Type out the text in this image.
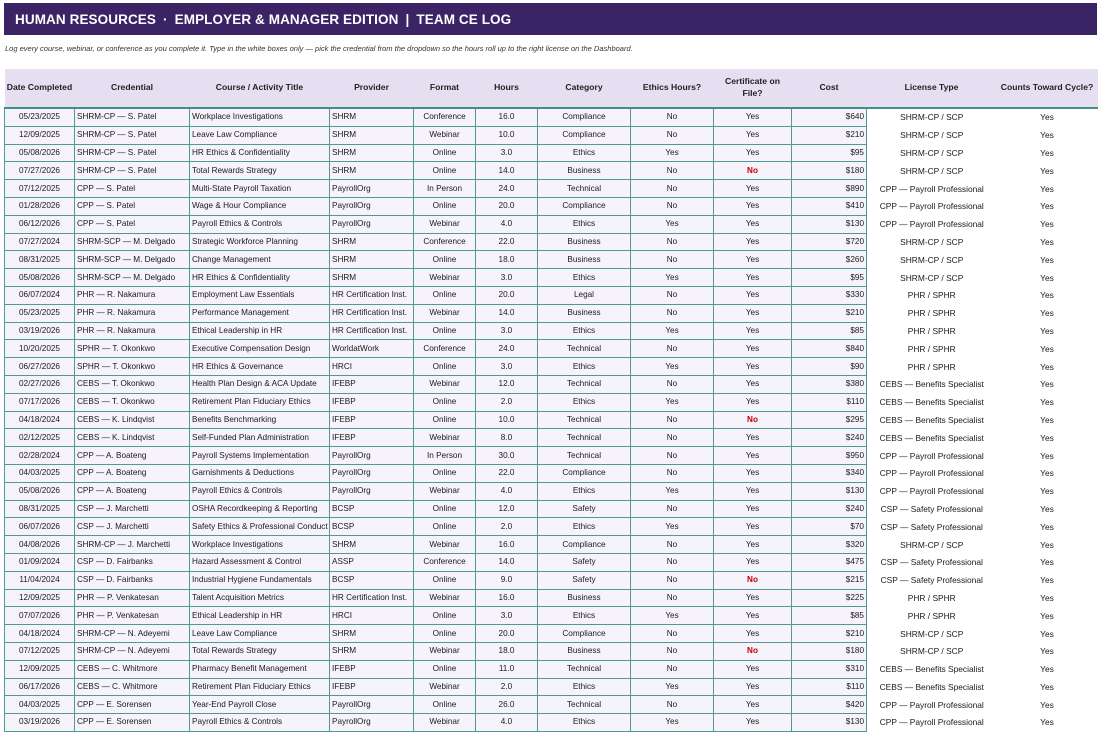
HUMAN RESOURCES · EMPLOYER & MANAGER EDITION | TEAM CE LOG
Log every course, webinar, or conference as you complete it. Type in the white boxes only — pick the credential from the dropdown so the hours roll up to the right license on the Dashboard.
Date Completed	Credential	Course / Activity Title	Provider	Format	Hours	Category	Ethics Hours?	Certificate on File?	Cost	License Type	Counts Toward Cycle?
05/23/2025	SHRM-CP — S. Patel	Workplace Investigations	SHRM	Conference	16.0	Compliance	No	Yes	$640	SHRM-CP / SCP	Yes
12/09/2025	SHRM-CP — S. Patel	Leave Law Compliance	SHRM	Webinar	10.0	Compliance	No	Yes	$210	SHRM-CP / SCP	Yes
05/08/2026	SHRM-CP — S. Patel	HR Ethics & Confidentiality	SHRM	Online	3.0	Ethics	Yes	Yes	$95	SHRM-CP / SCP	Yes
07/27/2026	SHRM-CP — S. Patel	Total Rewards Strategy	SHRM	Online	14.0	Business	No	No	$180	SHRM-CP / SCP	Yes
07/12/2025	CPP — S. Patel	Multi-State Payroll Taxation	PayrollOrg	In Person	24.0	Technical	No	Yes	$890	CPP — Payroll Professional	Yes
01/28/2026	CPP — S. Patel	Wage & Hour Compliance	PayrollOrg	Online	20.0	Compliance	No	Yes	$410	CPP — Payroll Professional	Yes
06/12/2026	CPP — S. Patel	Payroll Ethics & Controls	PayrollOrg	Webinar	4.0	Ethics	Yes	Yes	$130	CPP — Payroll Professional	Yes
07/27/2024	SHRM-SCP — M. Delgado	Strategic Workforce Planning	SHRM	Conference	22.0	Business	No	Yes	$720	SHRM-CP / SCP	Yes
08/31/2025	SHRM-SCP — M. Delgado	Change Management	SHRM	Online	18.0	Business	No	Yes	$260	SHRM-CP / SCP	Yes
05/08/2026	SHRM-SCP — M. Delgado	HR Ethics & Confidentiality	SHRM	Webinar	3.0	Ethics	Yes	Yes	$95	SHRM-CP / SCP	Yes
06/07/2024	PHR — R. Nakamura	Employment Law Essentials	HR Certification Inst.	Online	20.0	Legal	No	Yes	$330	PHR / SPHR	Yes
05/23/2025	PHR — R. Nakamura	Performance Management	HR Certification Inst.	Webinar	14.0	Business	No	Yes	$210	PHR / SPHR	Yes
03/19/2026	PHR — R. Nakamura	Ethical Leadership in HR	HR Certification Inst.	Online	3.0	Ethics	Yes	Yes	$85	PHR / SPHR	Yes
10/20/2025	SPHR — T. Okonkwo	Executive Compensation Design	WorldatWork	Conference	24.0	Technical	No	Yes	$840	PHR / SPHR	Yes
06/27/2026	SPHR — T. Okonkwo	HR Ethics & Governance	HRCI	Online	3.0	Ethics	Yes	Yes	$90	PHR / SPHR	Yes
02/27/2026	CEBS — T. Okonkwo	Health Plan Design & ACA Update	IFEBP	Webinar	12.0	Technical	No	Yes	$380	CEBS — Benefits Specialist	Yes
07/17/2026	CEBS — T. Okonkwo	Retirement Plan Fiduciary Ethics	IFEBP	Online	2.0	Ethics	Yes	Yes	$110	CEBS — Benefits Specialist	Yes
04/18/2024	CEBS — K. Lindqvist	Benefits Benchmarking	IFEBP	Online	10.0	Technical	No	No	$295	CEBS — Benefits Specialist	Yes
02/12/2025	CEBS — K. Lindqvist	Self-Funded Plan Administration	IFEBP	Webinar	8.0	Technical	No	Yes	$240	CEBS — Benefits Specialist	Yes
02/28/2024	CPP — A. Boateng	Payroll Systems Implementation	PayrollOrg	In Person	30.0	Technical	No	Yes	$950	CPP — Payroll Professional	Yes
04/03/2025	CPP — A. Boateng	Garnishments & Deductions	PayrollOrg	Online	22.0	Compliance	No	Yes	$340	CPP — Payroll Professional	Yes
05/08/2026	CPP — A. Boateng	Payroll Ethics & Controls	PayrollOrg	Webinar	4.0	Ethics	Yes	Yes	$130	CPP — Payroll Professional	Yes
08/31/2025	CSP — J. Marchetti	OSHA Recordkeeping & Reporting	BCSP	Online	12.0	Safety	No	Yes	$240	CSP — Safety Professional	Yes
06/07/2026	CSP — J. Marchetti	Safety Ethics & Professional Conduct	BCSP	Online	2.0	Ethics	Yes	Yes	$70	CSP — Safety Professional	Yes
04/08/2026	SHRM-CP — J. Marchetti	Workplace Investigations	SHRM	Webinar	16.0	Compliance	No	Yes	$320	SHRM-CP / SCP	Yes
01/09/2024	CSP — D. Fairbanks	Hazard Assessment & Control	ASSP	Conference	14.0	Safety	No	Yes	$475	CSP — Safety Professional	Yes
11/04/2024	CSP — D. Fairbanks	Industrial Hygiene Fundamentals	BCSP	Online	9.0	Safety	No	No	$215	CSP — Safety Professional	Yes
12/09/2025	PHR — P. Venkatesan	Talent Acquisition Metrics	HR Certification Inst.	Webinar	16.0	Business	No	Yes	$225	PHR / SPHR	Yes
07/07/2026	PHR — P. Venkatesan	Ethical Leadership in HR	HRCI	Online	3.0	Ethics	Yes	Yes	$85	PHR / SPHR	Yes
04/18/2024	SHRM-CP — N. Adeyemi	Leave Law Compliance	SHRM	Online	20.0	Compliance	No	Yes	$210	SHRM-CP / SCP	Yes
07/12/2025	SHRM-CP — N. Adeyemi	Total Rewards Strategy	SHRM	Webinar	18.0	Business	No	No	$180	SHRM-CP / SCP	Yes
12/09/2025	CEBS — C. Whitmore	Pharmacy Benefit Management	IFEBP	Online	11.0	Technical	No	Yes	$310	CEBS — Benefits Specialist	Yes
06/17/2026	CEBS — C. Whitmore	Retirement Plan Fiduciary Ethics	IFEBP	Webinar	2.0	Ethics	Yes	Yes	$110	CEBS — Benefits Specialist	Yes
04/03/2025	CPP — E. Sorensen	Year-End Payroll Close	PayrollOrg	Online	26.0	Technical	No	Yes	$420	CPP — Payroll Professional	Yes
03/19/2026	CPP — E. Sorensen	Payroll Ethics & Controls	PayrollOrg	Webinar	4.0	Ethics	Yes	Yes	$130	CPP — Payroll Professional	Yes
